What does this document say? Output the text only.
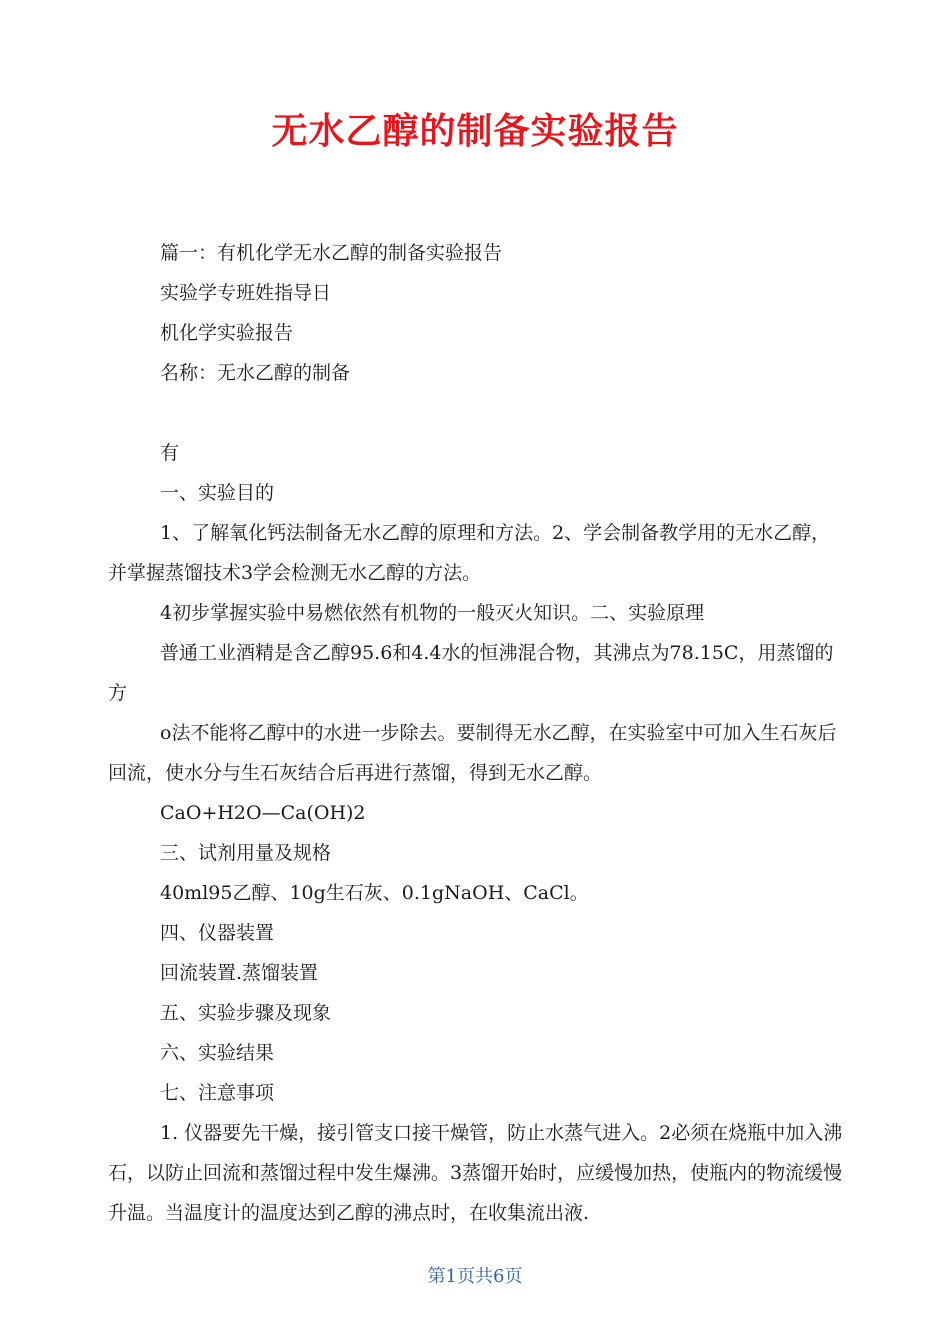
无水乙醇的制备实验报告
篇一：有机化学无水乙醇的制备实验报告
实验学专班姓指导日
机化学实验报告
名称：无水乙醇的制备
有
一、实验目的
1、了解氧化钙法制备无水乙醇的原理和方法。2、学会制备教学用的无水乙醇，并掌握蒸馏技术3学会检测无水乙醇的方法。
4初步掌握实验中易燃依然有机物的一般灭火知识。二、实验原理
普通工业酒精是含乙醇95.6和4.4水的恒沸混合物，其沸点为78.15C，用蒸馏的方
o法不能将乙醇中的水进一步除去。要制得无水乙醇，在实验室中可加入生石灰后回流，使水分与生石灰结合后再进行蒸馏，得到无水乙醇。
CaO+H2O—Ca(OH)2
三、试剂用量及规格
40ml95乙醇、10g生石灰、0.1gNaOH、CaCl。
四、仪器装置
回流装置.蒸馏装置
五、实验步骤及现象
六、实验结果
七、注意事项
1. 仪器要先干燥，接引管支口接干燥管，防止水蒸气进入。2必须在烧瓶中加入沸石，以防止回流和蒸馏过程中发生爆沸。3蒸馏开始时，应缓慢加热，使瓶内的物流缓慢升温。当温度计的温度达到乙醇的沸点时，在收集流出液.
第1页共6页
